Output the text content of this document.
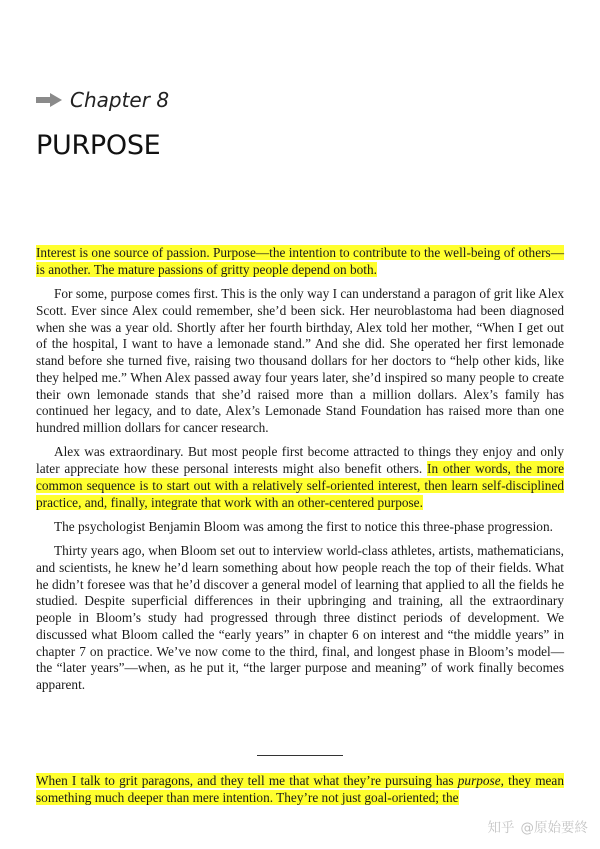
Chapter 8
PURPOSE

Interest is one source of passion. Purpose—the intention to contribute to the well-being of others—is another. The mature passions of gritty people depend on both.

For some, purpose comes first. This is the only way I can understand a paragon of grit like Alex Scott. Ever since Alex could remember, she’d been sick. Her neuroblastoma had been diagnosed when she was a year old. Shortly after her fourth birthday, Alex told her mother, “When I get out of the hospital, I want to have a lemonade stand.” And she did. She operated her first lemonade stand before she turned five, raising two thousand dollars for her doctors to “help other kids, like they helped me.” When Alex passed away four years later, she’d inspired so many people to create their own lemonade stands that she’d raised more than a million dollars. Alex’s family has continued her legacy, and to date, Alex’s Lemonade Stand Foundation has raised more than one hundred million dollars for cancer research.

Alex was extraordinary. But most people first become attracted to things they enjoy and only later appreciate how these personal interests might also benefit others. In other words, the more common sequence is to start out with a relatively self-oriented interest, then learn self-disciplined practice, and, finally, integrate that work with an other-centered purpose.

The psychologist Benjamin Bloom was among the first to notice this three-phase progression.

Thirty years ago, when Bloom set out to interview world-class athletes, artists, mathematicians, and scientists, he knew he’d learn something about how people reach the top of their fields. What he didn’t foresee was that he’d discover a general model of learning that applied to all the fields he studied. Despite superficial differences in their upbringing and training, all the extraordinary people in Bloom’s study had progressed through three distinct periods of development. We discussed what Bloom called the “early years” in chapter 6 on interest and “the middle years” in chapter 7 on practice. We’ve now come to the third, final, and longest phase in Bloom’s model—the “later years”—when, as he put it, “the larger purpose and meaning” of work finally becomes apparent.

When I talk to grit paragons, and they tell me that what they’re pursuing has purpose, they mean something much deeper than mere intention. They’re not just goal-oriented; the

知乎 @原始要終
